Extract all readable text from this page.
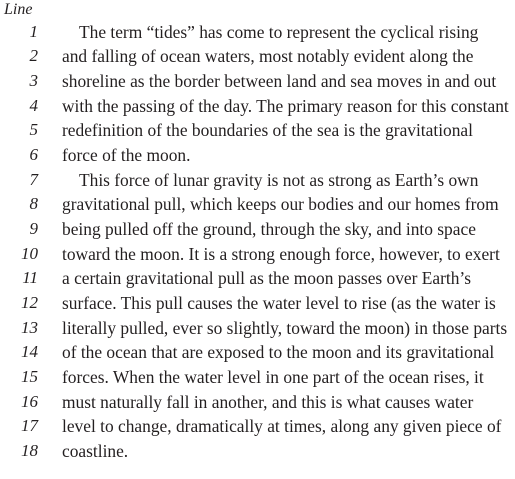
Line
1 The term “tides” has come to represent the cyclical rising
2 and falling of ocean waters, most notably evident along the
3 shoreline as the border between land and sea moves in and out
4 with the passing of the day. The primary reason for this constant
5 redefinition of the boundaries of the sea is the gravitational
6 force of the moon.
7 This force of lunar gravity is not as strong as Earth’s own
8 gravitational pull, which keeps our bodies and our homes from
9 being pulled off the ground, through the sky, and into space
10 toward the moon. It is a strong enough force, however, to exert
11 a certain gravitational pull as the moon passes over Earth’s
12 surface. This pull causes the water level to rise (as the water is
13 literally pulled, ever so slightly, toward the moon) in those parts
14 of the ocean that are exposed to the moon and its gravitational
15 forces. When the water level in one part of the ocean rises, it
16 must naturally fall in another, and this is what causes water
17 level to change, dramatically at times, along any given piece of
18 coastline.
